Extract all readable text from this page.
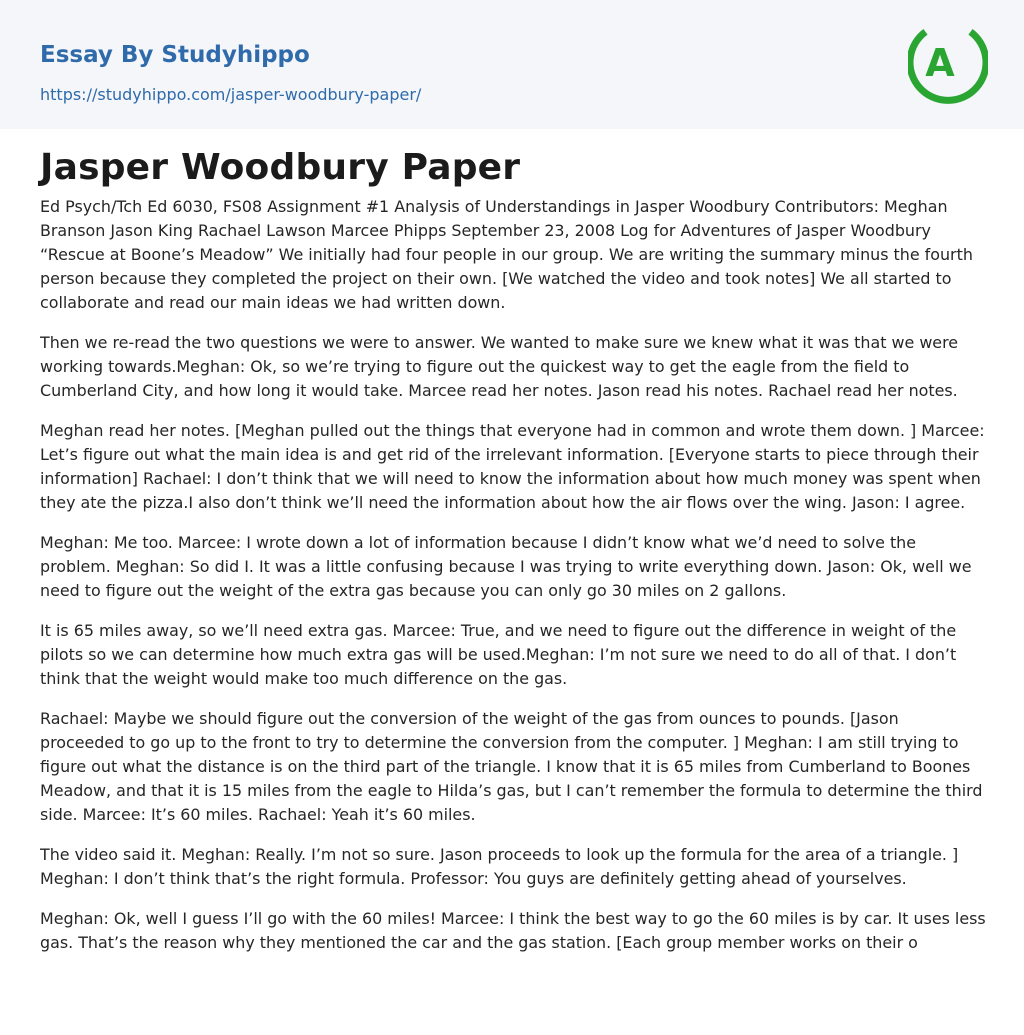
Essay By Studyhippo
https://studyhippo.com/jasper-woodbury-paper/
A
Jasper Woodbury Paper

Ed Psych/Tch Ed 6030, FS08 Assignment #1 Analysis of Understandings in Jasper Woodbury Contributors: Meghan Branson Jason King Rachael Lawson Marcee Phipps September 23, 2008 Log for Adventures of Jasper Woodbury “Rescue at Boone’s Meadow” We initially had four people in our group. We are writing the summary minus the fourth person because they completed the project on their own. [We watched the video and took notes] We all started to collaborate and read our main ideas we had written down.

Then we re-read the two questions we were to answer. We wanted to make sure we knew what it was that we were working towards.Meghan: Ok, so we’re trying to figure out the quickest way to get the eagle from the field to Cumberland City, and how long it would take. Marcee read her notes. Jason read his notes. Rachael read her notes.

Meghan read her notes. [Meghan pulled out the things that everyone had in common and wrote them down. ] Marcee: Let’s figure out what the main idea is and get rid of the irrelevant information. [Everyone starts to piece through their information] Rachael: I don’t think that we will need to know the information about how much money was spent when they ate the pizza.I also don’t think we’ll need the information about how the air flows over the wing. Jason: I agree.

Meghan: Me too. Marcee: I wrote down a lot of information because I didn’t know what we’d need to solve the problem. Meghan: So did I. It was a little confusing because I was trying to write everything down. Jason: Ok, well we need to figure out the weight of the extra gas because you can only go 30 miles on 2 gallons.

It is 65 miles away, so we’ll need extra gas. Marcee: True, and we need to figure out the difference in weight of the pilots so we can determine how much extra gas will be used.Meghan: I’m not sure we need to do all of that. I don’t think that the weight would make too much difference on the gas.

Rachael: Maybe we should figure out the conversion of the weight of the gas from ounces to pounds. [Jason proceeded to go up to the front to try to determine the conversion from the computer. ] Meghan: I am still trying to figure out what the distance is on the third part of the triangle. I know that it is 65 miles from Cumberland to Boones Meadow, and that it is 15 miles from the eagle to Hilda’s gas, but I can’t remember the formula to determine the third side. Marcee: It’s 60 miles. Rachael: Yeah it’s 60 miles.

The video said it. Meghan: Really. I’m not so sure. Jason proceeds to look up the formula for the area of a triangle. ] Meghan: I don’t think that’s the right formula. Professor: You guys are definitely getting ahead of yourselves.

Meghan: Ok, well I guess I’ll go with the 60 miles! Marcee: I think the best way to go the 60 miles is by car. It uses less gas. That’s the reason why they mentioned the car and the gas station. [Each group member works on their o
